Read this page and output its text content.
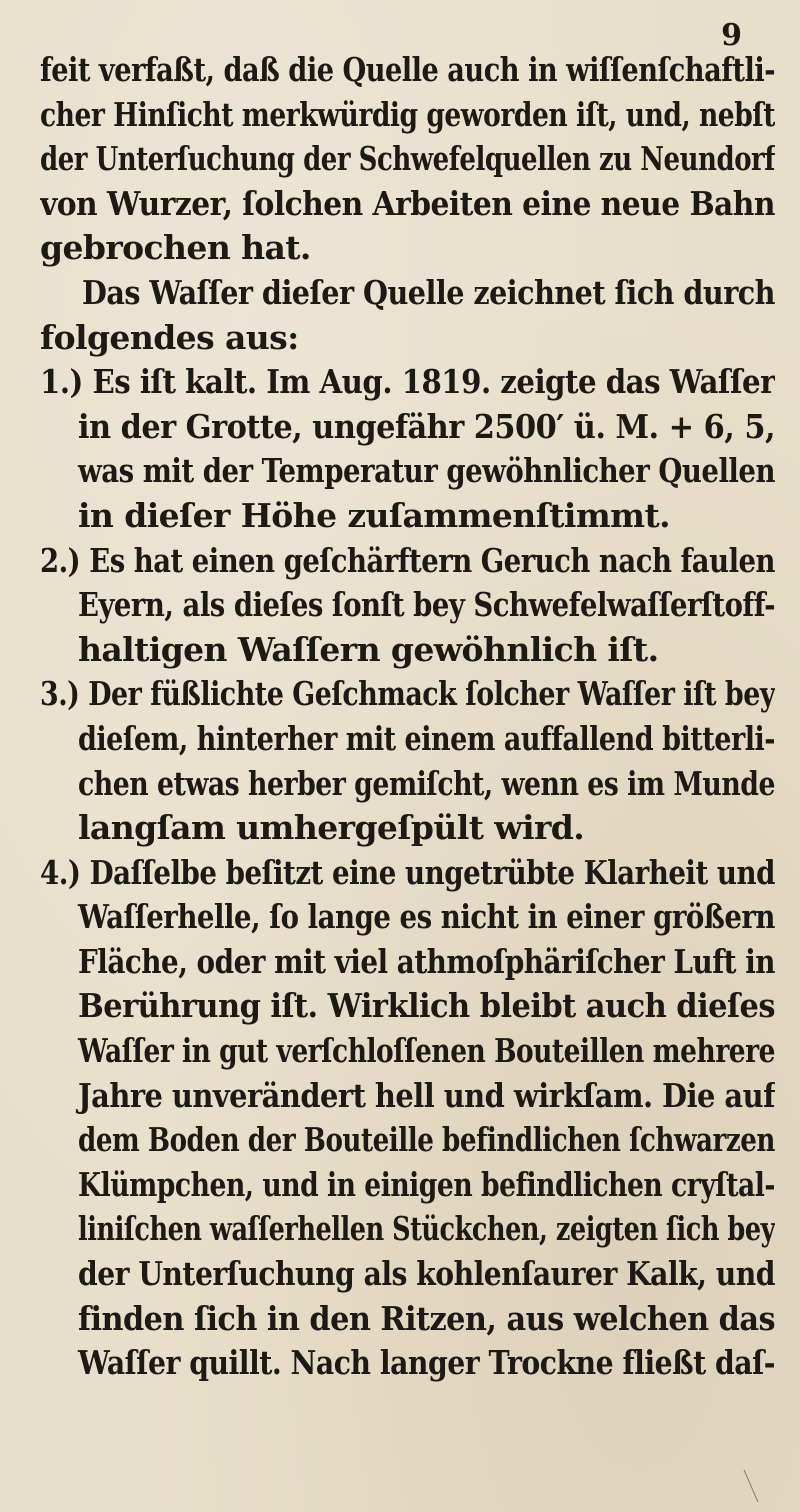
9
feit verfaßt, daß die Quelle auch in wiſſenſchaftli-
cher Hinſicht merkwürdig geworden iſt, und, nebſt
der Unterſuchung der Schwefelquellen zu Neundorf
von Wurzer, ſolchen Arbeiten eine neue Bahn
gebrochen hat.
Das Waſſer dieſer Quelle zeichnet ſich durch
folgendes aus:
1.) Es iſt kalt. Im Aug. 1819. zeigte das Waſſer
in der Grotte, ungefähr 2500′ ü. M. + 6, 5,
was mit der Temperatur gewöhnlicher Quellen
in dieſer Höhe zuſammenſtimmt.
2.) Es hat einen geſchärftern Geruch nach faulen
Eyern, als dieſes ſonſt bey Schwefelwaſſerſtoff-
haltigen Waſſern gewöhnlich iſt.
3.) Der füßlichte Geſchmack ſolcher Waſſer iſt bey
dieſem, hinterher mit einem auffallend bitterli-
chen etwas herber gemiſcht, wenn es im Munde
langſam umhergeſpült wird.
4.) Daſſelbe beſitzt eine ungetrübte Klarheit und
Waſſerhelle, ſo lange es nicht in einer größern
Fläche, oder mit viel athmoſphäriſcher Luft in
Berührung iſt. Wirklich bleibt auch dieſes
Waſſer in gut verſchloſſenen Bouteillen mehrere
Jahre unverändert hell und wirkſam. Die auf
dem Boden der Bouteille befindlichen ſchwarzen
Klümpchen, und in einigen befindlichen cryſtal-
liniſchen waſſerhellen Stückchen, zeigten ſich bey
der Unterſuchung als kohlenſaurer Kalk, und
finden ſich in den Ritzen, aus welchen das
Waſſer quillt. Nach langer Trockne fließt daſ-
